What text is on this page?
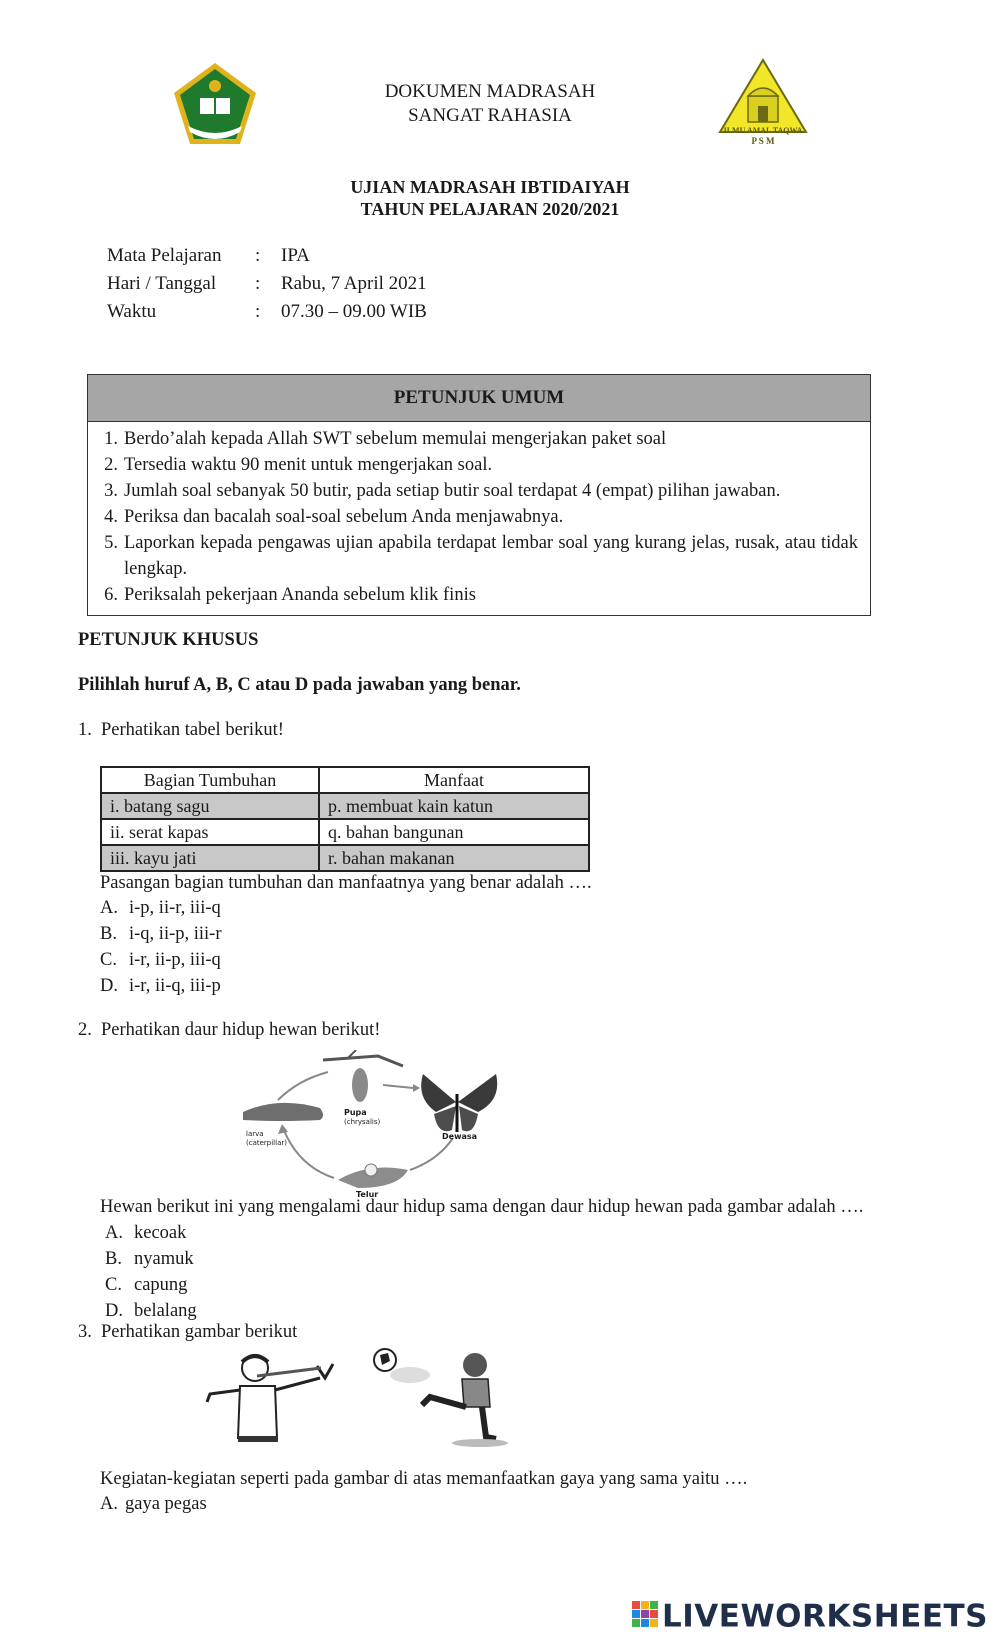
DOKUMEN MADRASAH
SANGAT RAHASIA
ILMU AMAL TAQWA
P S M
UJIAN MADRASAH IBTIDAIYAH
TAHUN PELAJARAN 2020/2021
Mata Pelajaran : IPA
Hari / Tanggal : Rabu, 7 April 2021
Waktu	: 07.30 – 09.00 WIB
PETUNJUK UMUM
1. Berdo’alah kepada Allah SWT sebelum memulai mengerjakan paket soal
2. Tersedia waktu 90 menit untuk mengerjakan soal.
3. Jumlah soal sebanyak 50 butir, pada setiap butir soal terdapat 4 (empat) pilihan jawaban.
4. Periksa dan bacalah soal-soal sebelum Anda menjawabnya.
5. Laporkan kepada pengawas ujian apabila terdapat lembar soal yang kurang jelas, rusak, atau tidak lengkap.
6. Periksalah pekerjaan Ananda sebelum klik finis
PETUNJUK KHUSUS
Pilihlah huruf A, B, C atau D pada jawaban yang benar.
1. Perhatikan tabel berikut!
Bagian Tumbuhan	Manfaat
i. batang sagu	p. membuat kain katun
ii. serat kapas	q. bahan bangunan
iii. kayu jati	r. bahan makanan
Pasangan bagian tumbuhan dan manfaatnya yang benar adalah ….
A. i-p, ii-r, iii-q
B. i-q, ii-p, iii-r
C. i-r, ii-p, iii-q
D. i-r, ii-q, iii-p
2. Perhatikan daur hidup hewan berikut!
Pupa
(chrysalis)
larva
(caterpillar)
Dewasa
Telur
Hewan berikut ini yang mengalami daur hidup sama dengan daur hidup hewan pada gambar adalah ….
A. kecoak
B. nyamuk
C. capung
D. belalang
3. Perhatikan gambar berikut
Kegiatan-kegiatan seperti pada gambar di atas memanfaatkan gaya yang sama yaitu ….
A. gaya pegas
LIVEWORKSHEETS
